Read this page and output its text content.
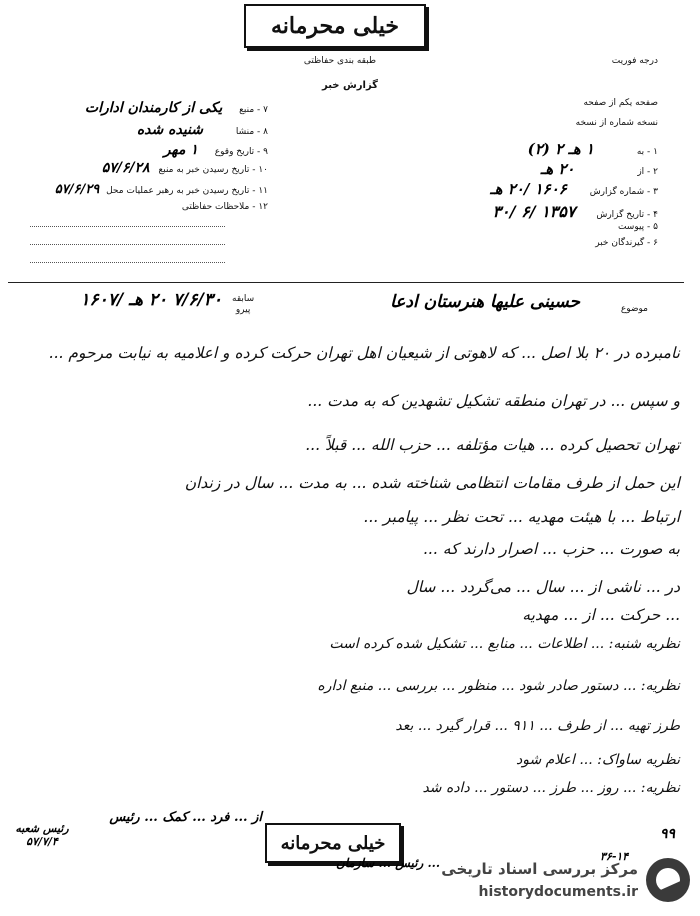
خیلی محرمانه
طبقه بندی حفاظتی
گزارش خبر
درجه فوریت
صفحه یکم از صفحه
نسخه شماره از نسخه
۱ - به ۱ هـ ۲ (۲)
۲ - از ۲۰ هـ
۳ - شماره گزارش ۱۶۰۶ /۲۰ هـ
۴ - تاریخ گزارش ۱۳۵۷ /۶ /۳۰
۵ - پیوست
۶ - گیرندگان خبر
۷ - منبع یکی از کارمندان ادارات
۸ - منشا شنیده شده
۹ - تاریخ وقوع ۱ مهر
۱۰ - تاریخ رسیدن خبر به منبع ۵۷/۶/۲۸
۱۱ - تاریخ رسیدن خبر به رهبر عملیات محل ۵۷/۶/۲۹
۱۲ - ملاحظات حفاظتی
موضوع
حسینی علیها هنرستان ادعا
سابقه
پیرو
۷/۶/۳۰ ۲۰ هـ /۱۶۰۷
نامبرده در ۲۰ بلا اصل ... که لاهوتی از شیعیان اهل تهران حرکت کرده و اعلامیه به نیابت مرحوم ...
و سپس ... در تهران منطقه تشکیل تشهدین که به مدت ...
تهران تحصیل کرده ... هیات مؤتلفه ... حزب الله ... قبلاً ...
این حمل از طرف مقامات انتظامی شناخته شده ... به مدت ... سال در زندان
ارتباط ... با هیئت مهدیه ... تحت نظر ... پیامبر ...
به صورت ... حزب ... اصرار دارند که ...
در ... ناشی از ... سال ... می‌گردد ... سال
... حرکت ... از ... مهدیه
نظریه شنبه: ... اطلاعات ... منابع ... تشکیل شده کرده است
نظریه: ... دستور صادر شود ... منظور ... بررسی ... منبع اداره
طرز تهیه ... از طرف ... ۹۱۱ ... قرار گیرد ... بعد
نظریه ساواک: ... اعلام شود
نظریه: ... روز ... طرز ... دستور ... داده شد
از ... فرد ... کمک ... رئیس
رئیس شعبه
۵۷/۷/۴	خیلی محرمانه
... رئیس ... سازمان
۹۹
۳۶-۱۴
مرکز بررسی اسناد تاریخی
historydocuments.ir
